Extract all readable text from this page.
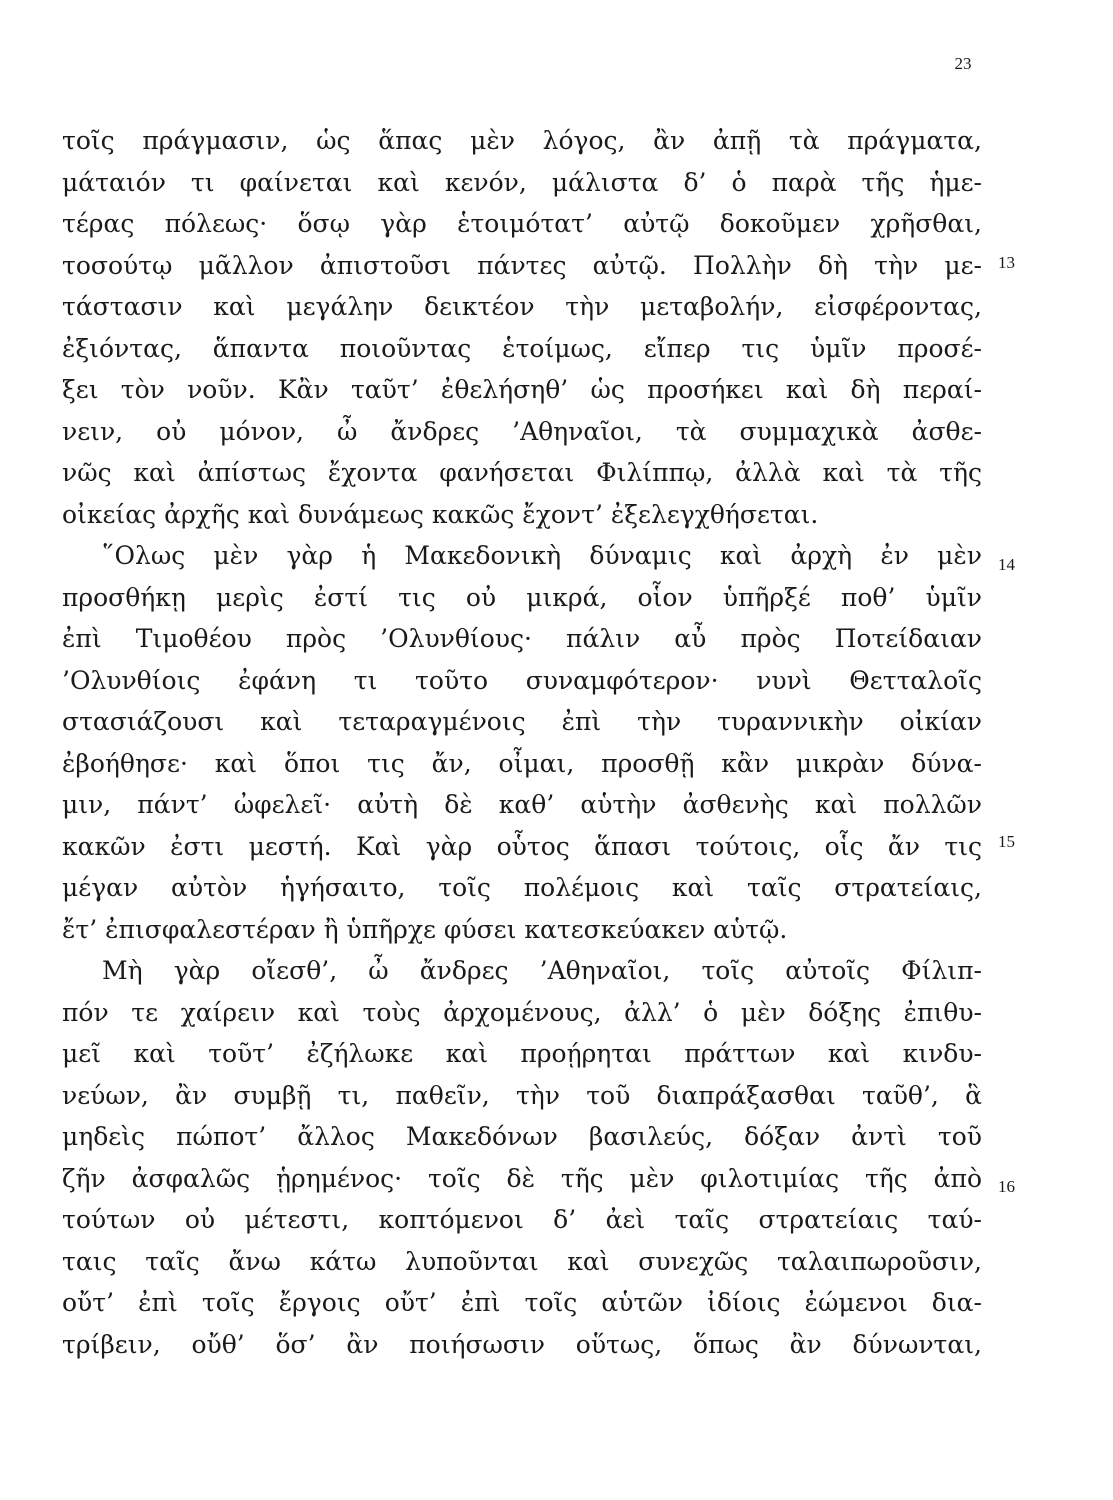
23
τοῖς πράγμασιν, ὡς ἅπας μὲν λόγος, ἂν ἀπῇ τὰ πράγματα,
μάταιόν τι φαίνεται καὶ κενόν, μάλιστα δ’ ὁ παρὰ τῆς ἡμε-
τέρας πόλεως· ὅσῳ γὰρ ἑτοιμότατ’ αὐτῷ δοκοῦμεν χρῆσθαι,
τοσούτῳ μᾶλλον ἀπιστοῦσι πάντες αὐτῷ. Πολλὴν δὴ τὴν με-
τάστασιν καὶ μεγάλην δεικτέον τὴν μεταβολήν, εἰσφέροντας,
ἐξιόντας, ἅπαντα ποιοῦντας ἑτοίμως, εἴπερ τις ὑμῖν προσέ-
ξει τὸν νοῦν. Κἂν ταῦτ’ ἐθελήσηθ’ ὡς προσήκει καὶ δὴ περαί-
νειν, οὐ μόνον, ὦ ἄνδρες ’Αθηναῖοι, τὰ συμμαχικὰ ἀσθε-
νῶς καὶ ἀπίστως ἔχοντα φανήσεται Φιλίππῳ, ἀλλὰ καὶ τὰ τῆς
οἰκείας ἀρχῆς καὶ δυνάμεως κακῶς ἔχοντ’ ἐξελεγχθήσεται.
῞Ολως μὲν γὰρ ἡ Μακεδονικὴ δύναμις καὶ ἀρχὴ ἐν μὲν
προσθήκῃ μερὶς ἐστί τις οὐ μικρά, οἷον ὑπῆρξέ ποθ’ ὑμῖν
ἐπὶ Τιμοθέου πρὸς ’Ολυνθίους· πάλιν αὖ πρὸς Ποτείδαιαν
’Ολυνθίοις ἐφάνη τι τοῦτο συναμφότερον· νυνὶ Θετταλοῖς
στασιάζουσι καὶ τεταραγμένοις ἐπὶ τὴν τυραννικὴν οἰκίαν
ἐβοήθησε· καὶ ὅποι τις ἄν, οἶμαι, προσθῇ κἂν μικρὰν δύνα-
μιν, πάντ’ ὠφελεῖ· αὐτὴ δὲ καθ’ αὑτὴν ἀσθενὴς καὶ πολλῶν
κακῶν ἐστι μεστή. Καὶ γὰρ οὗτος ἅπασι τούτοις, οἷς ἄν τις
μέγαν αὐτὸν ἡγήσαιτο, τοῖς πολέμοις καὶ ταῖς στρατείαις,
ἔτ’ ἐπισφαλεστέραν ἢ ὑπῆρχε φύσει κατεσκεύακεν αὑτῷ.
Μὴ γὰρ οἴεσθ’, ὦ ἄνδρες ’Αθηναῖοι, τοῖς αὐτοῖς Φίλιπ-
πόν τε χαίρειν καὶ τοὺς ἀρχομένους, ἀλλ’ ὁ μὲν δόξης ἐπιθυ-
μεῖ καὶ τοῦτ’ ἐζήλωκε καὶ προῄρηται πράττων καὶ κινδυ-
νεύων, ἂν συμβῇ τι, παθεῖν, τὴν τοῦ διαπράξασθαι ταῦθ’, ἃ
μηδεὶς πώποτ’ ἄλλος Μακεδόνων βασιλεύς, δόξαν ἀντὶ τοῦ
ζῆν ἀσφαλῶς ᾑρημένος· τοῖς δὲ τῆς μὲν φιλοτιμίας τῆς ἀπὸ
τούτων οὐ μέτεστι, κοπτόμενοι δ’ ἀεὶ ταῖς στρατείαις ταύ-
ταις ταῖς ἄνω κάτω λυποῦνται καὶ συνεχῶς ταλαιπωροῦσιν,
οὔτ’ ἐπὶ τοῖς ἔργοις οὔτ’ ἐπὶ τοῖς αὑτῶν ἰδίοις ἐώμενοι δια-
τρίβειν, οὔθ’ ὅσ’ ἂν ποιήσωσιν οὕτως, ὅπως ἂν δύνωνται,
13
14
15
16
